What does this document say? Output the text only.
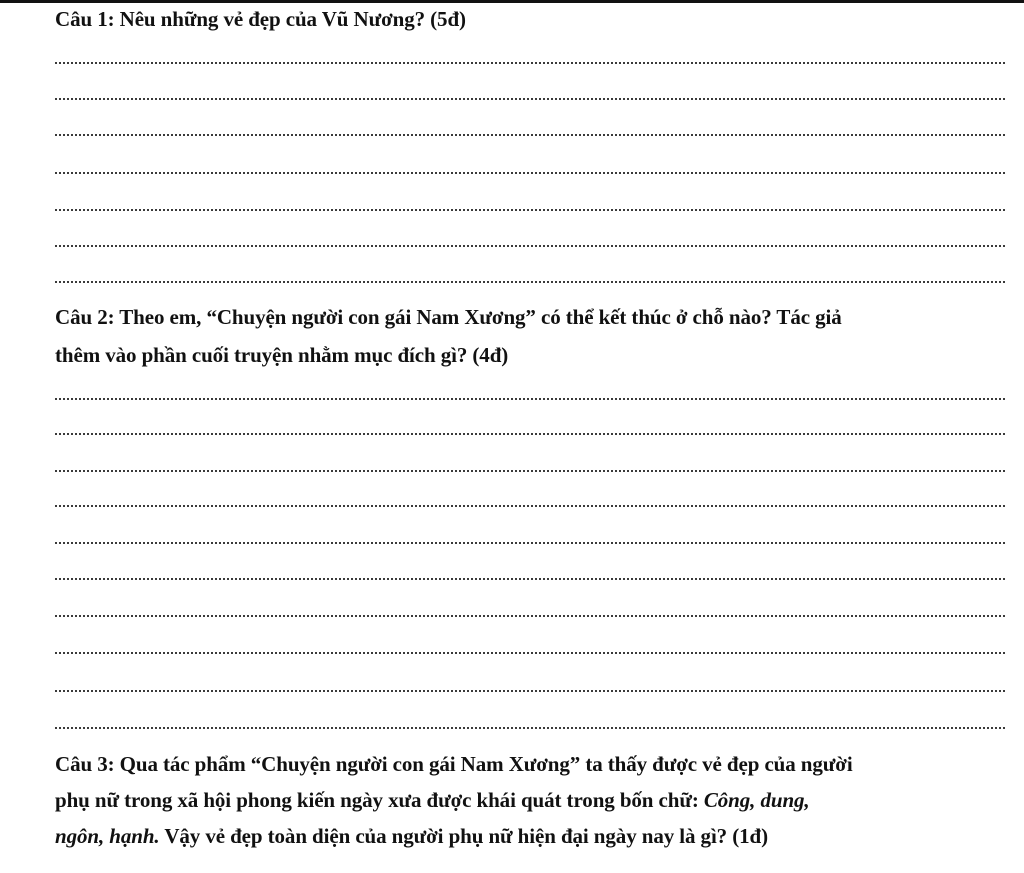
Câu 1: Nêu những vẻ đẹp của Vũ Nương? (5đ)
Câu 2: Theo em, “Chuyện người con gái Nam Xương” có thể kết thúc ở chỗ nào? Tác giả
thêm vào phần cuối truyện nhằm mục đích gì? (4đ)
Câu 3: Qua tác phẩm “Chuyện người con gái Nam Xương” ta thấy được vẻ đẹp của người
phụ nữ trong xã hội phong kiến ngày xưa được khái quát trong bốn chữ: Công, dung,
ngôn, hạnh. Vậy vẻ đẹp toàn diện của người phụ nữ hiện đại ngày nay là gì? (1đ)
